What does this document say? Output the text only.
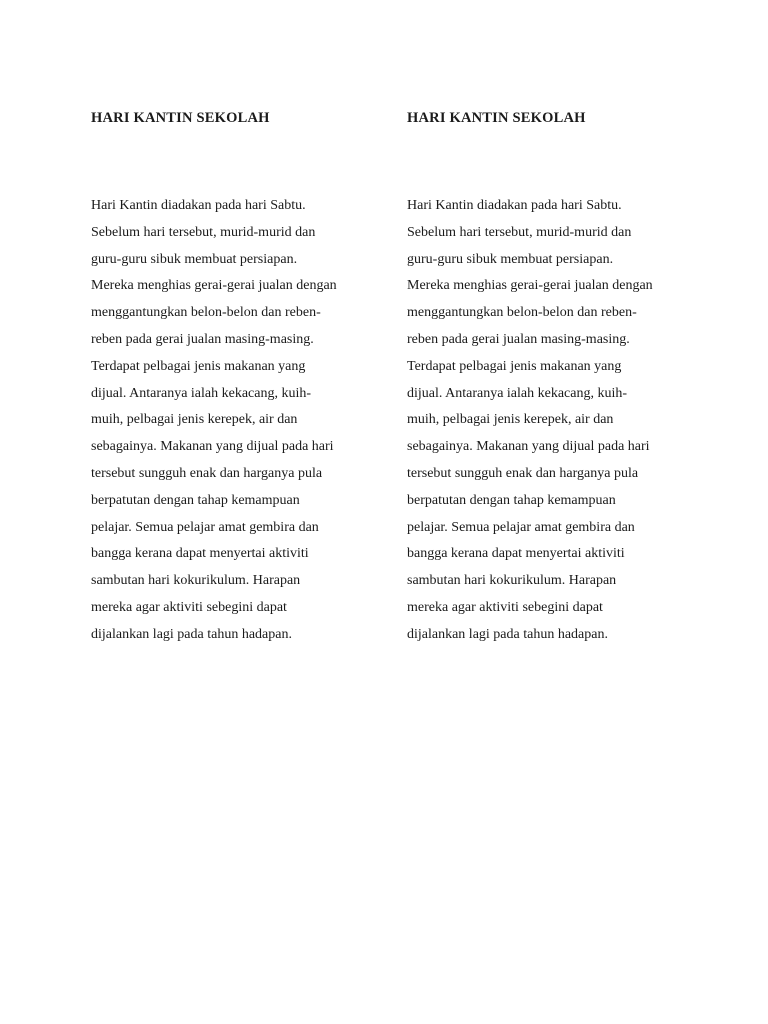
HARI KANTIN SEKOLAH
Hari Kantin diadakan pada hari Sabtu.
Sebelum hari tersebut, murid-murid dan
guru-guru sibuk membuat persiapan.
Mereka menghias gerai-gerai jualan dengan
menggantungkan belon-belon dan reben-
reben pada gerai jualan masing-masing.
Terdapat pelbagai jenis makanan yang
dijual. Antaranya ialah kekacang, kuih-
muih, pelbagai jenis kerepek, air dan
sebagainya. Makanan yang dijual pada hari
tersebut sungguh enak dan harganya pula
berpatutan dengan tahap kemampuan
pelajar. Semua pelajar amat gembira dan
bangga kerana dapat menyertai aktiviti
sambutan hari kokurikulum. Harapan
mereka agar aktiviti sebegini dapat
dijalankan lagi pada tahun hadapan.
HARI KANTIN SEKOLAH
Hari Kantin diadakan pada hari Sabtu.
Sebelum hari tersebut, murid-murid dan
guru-guru sibuk membuat persiapan.
Mereka menghias gerai-gerai jualan dengan
menggantungkan belon-belon dan reben-
reben pada gerai jualan masing-masing.
Terdapat pelbagai jenis makanan yang
dijual. Antaranya ialah kekacang, kuih-
muih, pelbagai jenis kerepek, air dan
sebagainya. Makanan yang dijual pada hari
tersebut sungguh enak dan harganya pula
berpatutan dengan tahap kemampuan
pelajar. Semua pelajar amat gembira dan
bangga kerana dapat menyertai aktiviti
sambutan hari kokurikulum. Harapan
mereka agar aktiviti sebegini dapat
dijalankan lagi pada tahun hadapan.
